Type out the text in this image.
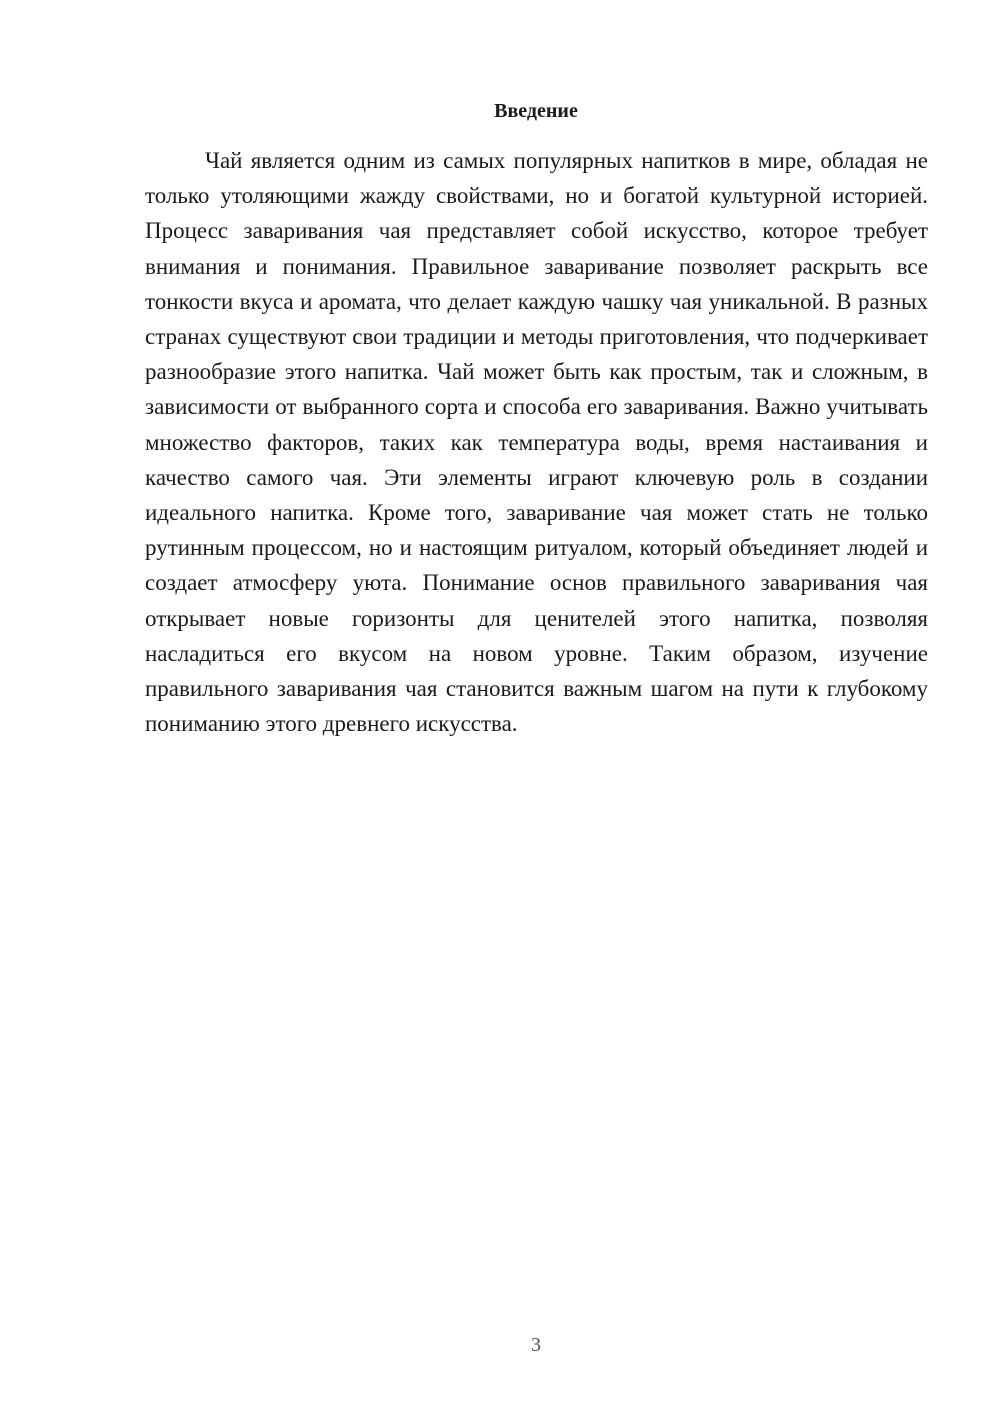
Введение

Чай является одним из самых популярных напитков в мире, обладая не только утоляющими жажду свойствами, но и богатой культурной историей. Процесс заваривания чая представляет собой искусство, которое требует внимания и понимания. Правильное заваривание позволяет раскрыть все тонкости вкуса и аромата, что делает каждую чашку чая уникальной. В разных странах существуют свои традиции и методы приготовления, что подчеркивает разнообразие этого напитка. Чай может быть как простым, так и сложным, в зависимости от выбранного сорта и способа его заваривания. Важно учитывать множество факторов, таких как температура воды, время настаивания и качество самого чая. Эти элементы играют ключевую роль в создании идеального напитка. Кроме того, заваривание чая может стать не только рутинным процессом, но и настоящим ритуалом, который объединяет людей и создает атмосферу уюта. Понимание основ правильного заваривания чая открывает новые горизонты для ценителей этого напитка, позволяя насладиться его вкусом на новом уровне. Таким образом, изучение правильного заваривания чая становится важным шагом на пути к глубокому пониманию этого древнего искусства.

3
